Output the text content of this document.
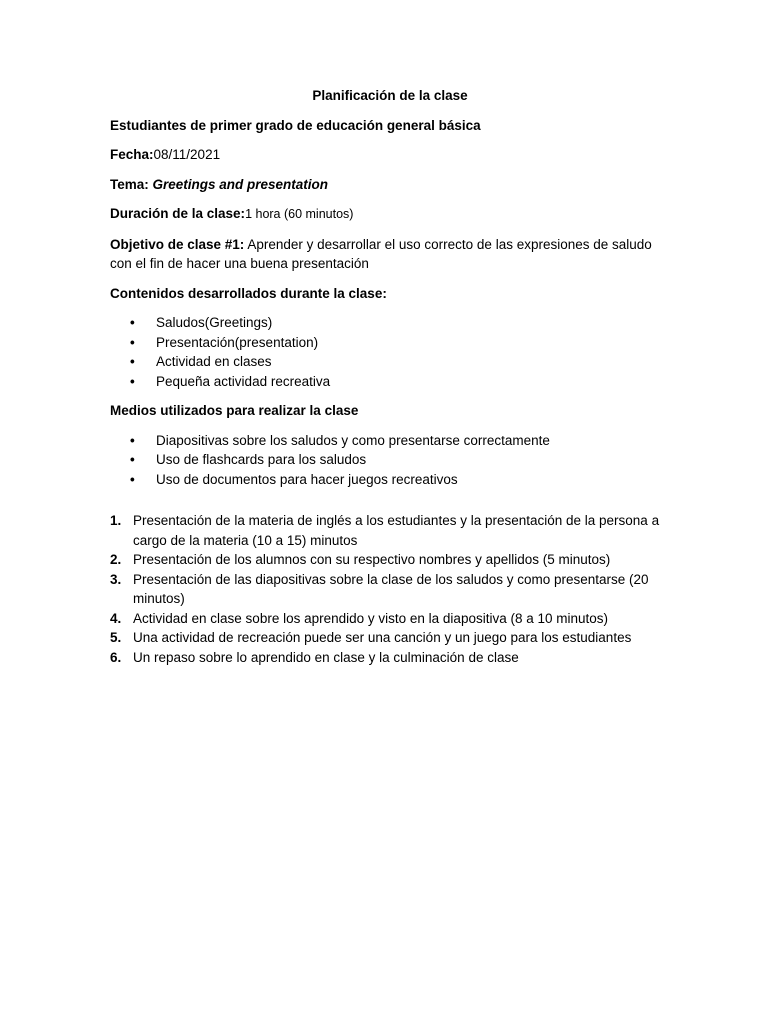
Planificación de la clase

Estudiantes de primer grado de educación general básica

Fecha:08/11/2021

Tema: Greetings and presentation

Duración de la clase:1 hora (60 minutos)

Objetivo de clase #1: Aprender y desarrollar el uso correcto de las expresiones de saludo con el fin de hacer una buena presentación

Contenidos desarrollados durante la clase:

• Saludos(Greetings)
• Presentación(presentation)
• Actividad en clases
• Pequeña actividad recreativa

Medios utilizados para realizar la clase

• Diapositivas sobre los saludos y como presentarse correctamente
• Uso de flashcards para los saludos
• Uso de documentos para hacer juegos recreativos
1. Presentación de la materia de inglés a los estudiantes y la presentación de la persona a cargo de la materia (10 a 15) minutos
2. Presentación de los alumnos con su respectivo nombres y apellidos (5 minutos)
3. Presentación de las diapositivas sobre la clase de los saludos y como presentarse (20 minutos)
4. Actividad en clase sobre los aprendido y visto en la diapositiva (8 a 10 minutos)
5. Una actividad de recreación puede ser una canción y un juego para los estudiantes
6. Un repaso sobre lo aprendido en clase y la culminación de clase
